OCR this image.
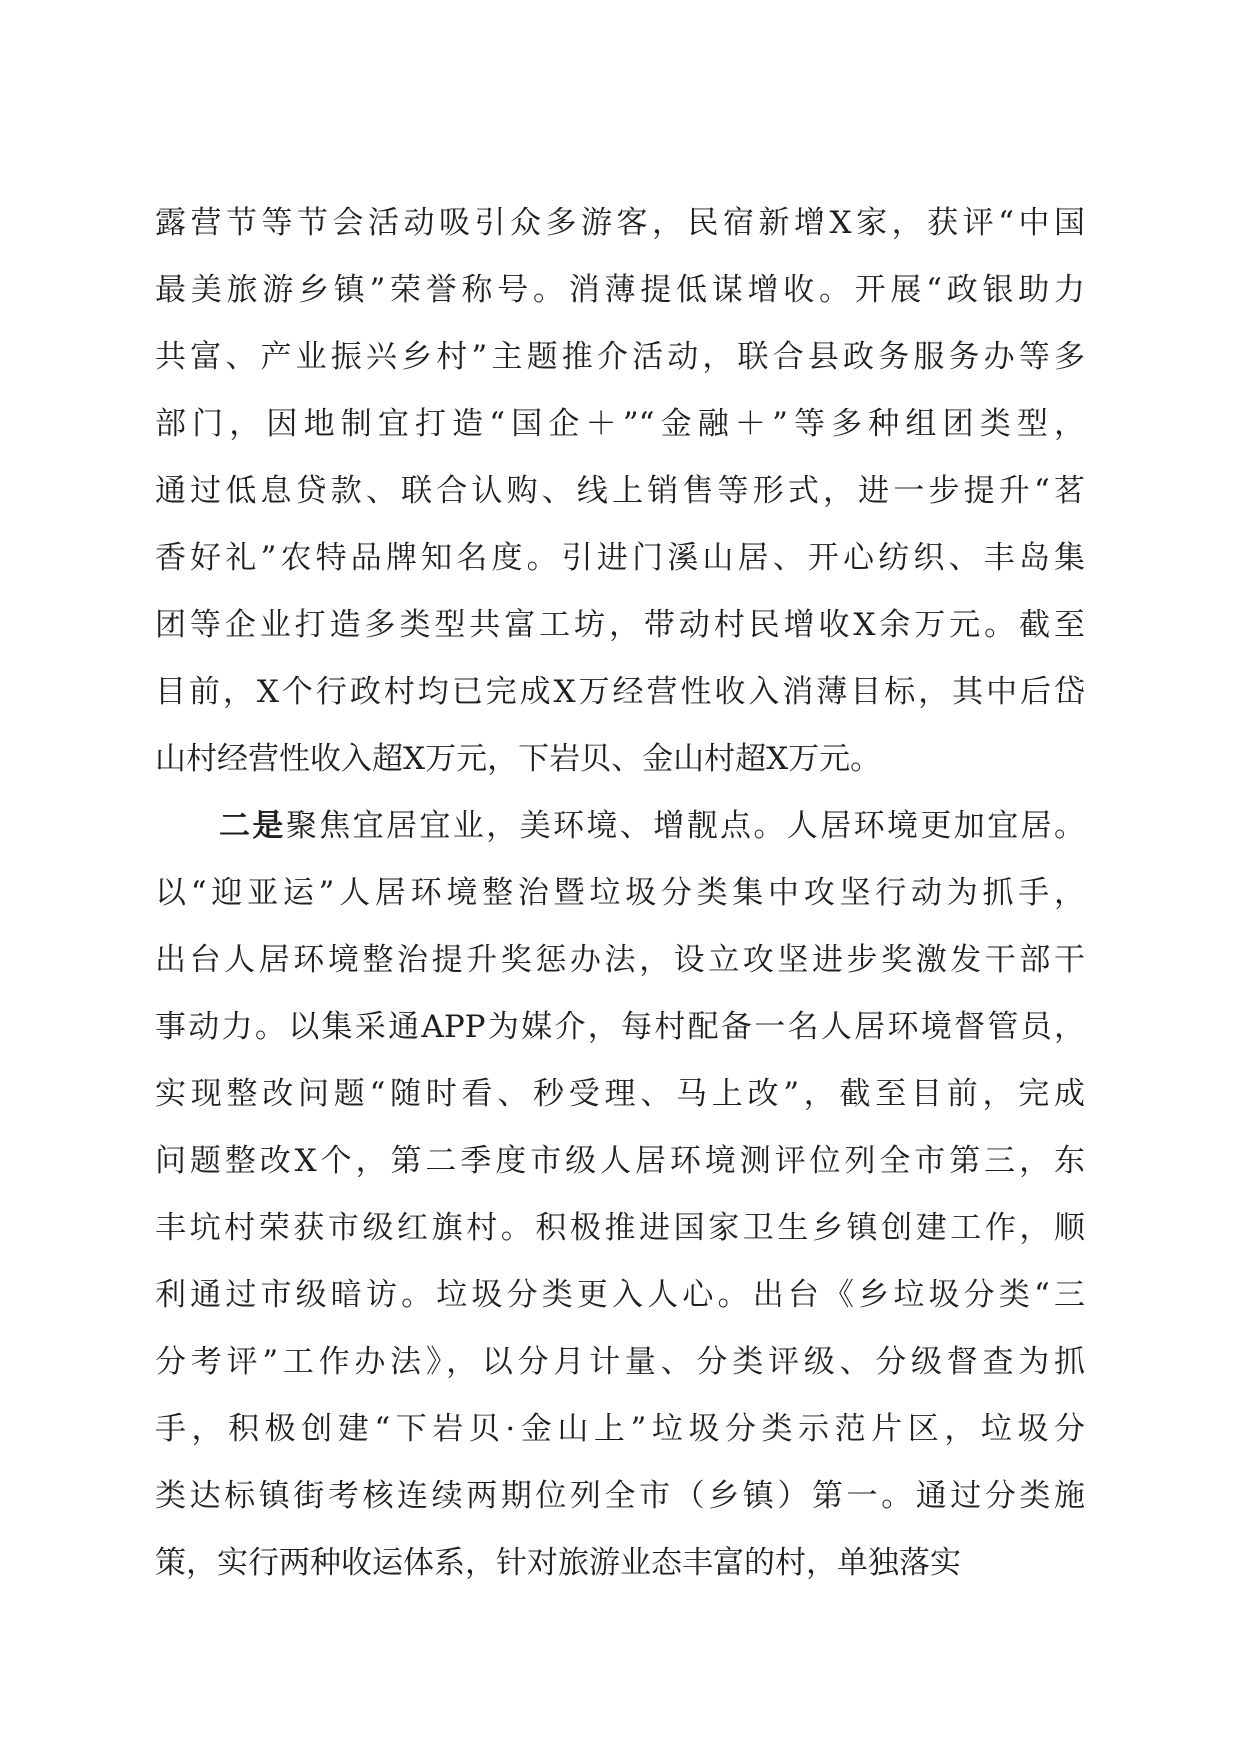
露营节等节会活动吸引众多游客，民宿新增X家，获评“中国
最美旅游乡镇”荣誉称号。消薄提低谋增收。开展“政银助力
共富、产业振兴乡村”主题推介活动，联合县政务服务办等多
部门，因地制宜打造“国企＋”“金融＋”等多种组团类型，
通过低息贷款、联合认购、线上销售等形式，进一步提升“茗
香好礼”农特品牌知名度。引进门溪山居、开心纺织、丰岛集
团等企业打造多类型共富工坊，带动村民增收X余万元。截至
目前，X个行政村均已完成X万经营性收入消薄目标，其中后岱
山村经营性收入超X万元，下岩贝、金山村超X万元。
二是聚焦宜居宜业，美环境、增靓点。人居环境更加宜居。
以“迎亚运”人居环境整治暨垃圾分类集中攻坚行动为抓手，
出台人居环境整治提升奖惩办法，设立攻坚进步奖激发干部干
事动力。以集采通APP为媒介，每村配备一名人居环境督管员，
实现整改问题“随时看、秒受理、马上改”，截至目前，完成
问题整改X个，第二季度市级人居环境测评位列全市第三，东
丰坑村荣获市级红旗村。积极推进国家卫生乡镇创建工作，顺
利通过市级暗访。垃圾分类更入人心。出台《乡垃圾分类“三
分考评”工作办法》，以分月计量、分类评级、分级督查为抓
手，积极创建“下岩贝·金山上”垃圾分类示范片区，垃圾分
类达标镇街考核连续两期位列全市（乡镇）第一。通过分类施
策，实行两种收运体系，针对旅游业态丰富的村，单独落实
